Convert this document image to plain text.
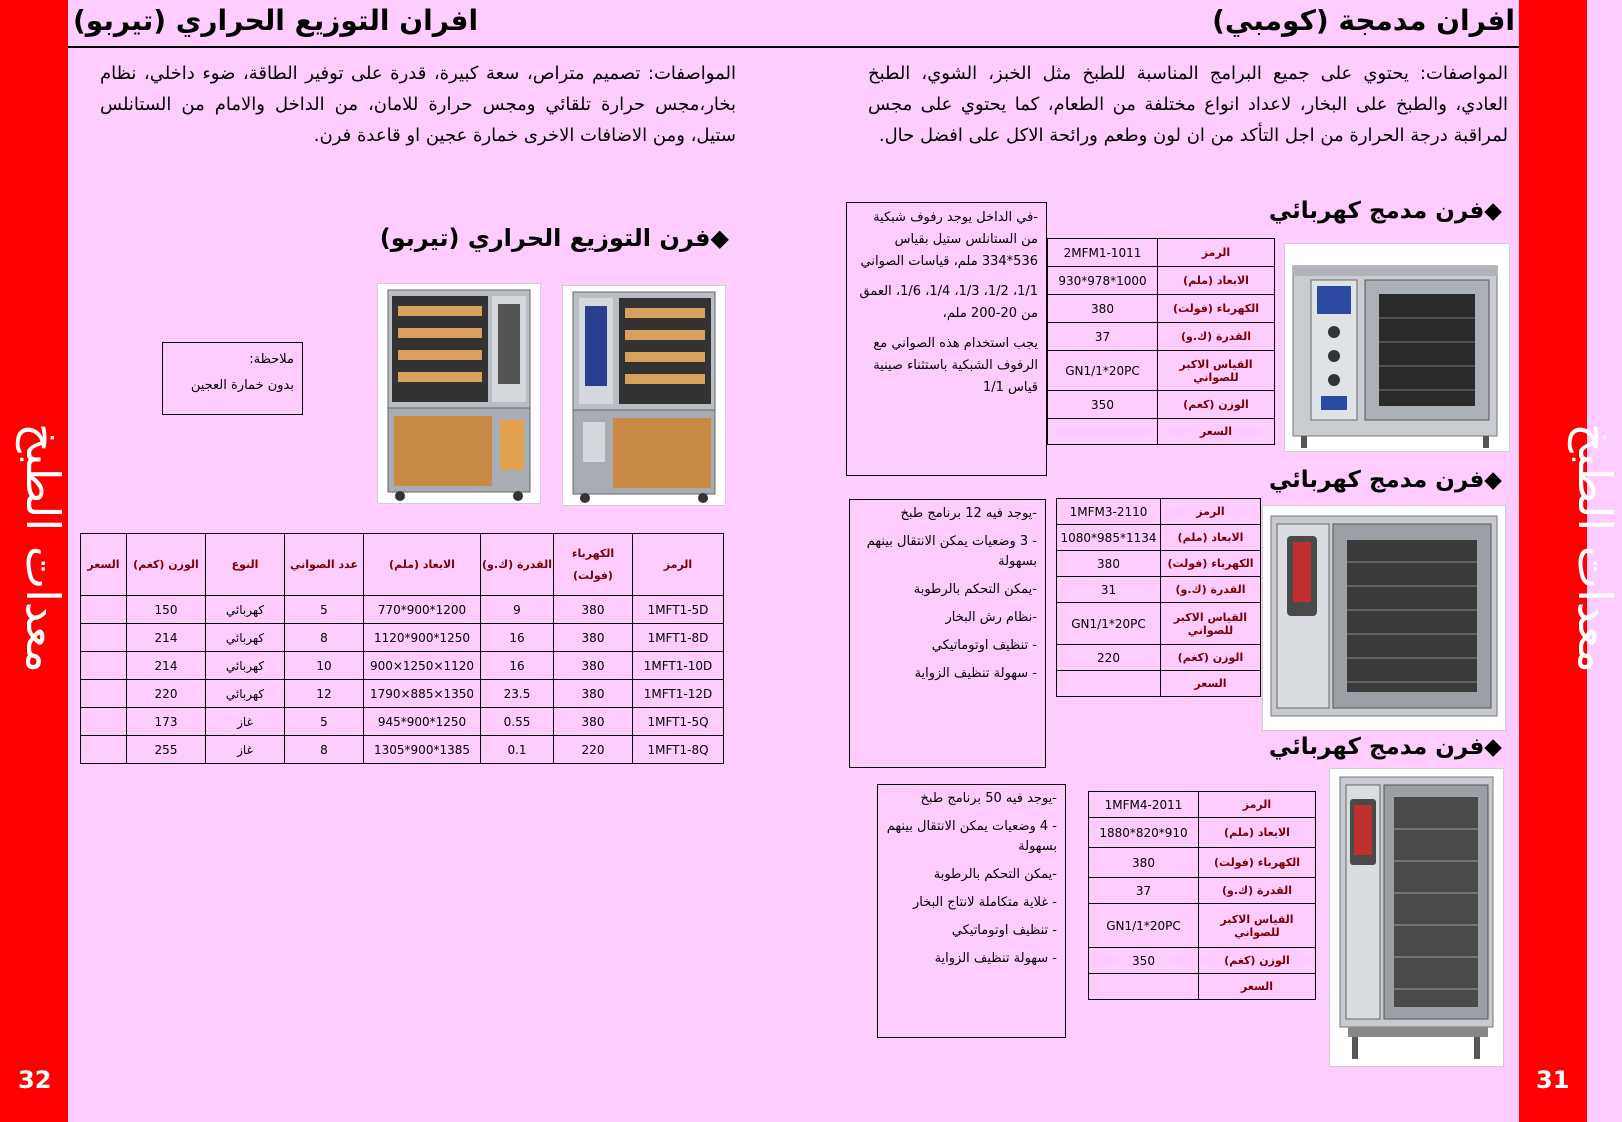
معدات الطبخ	معدات الطبخ
32	31
افران مدمجة (كومبي)
افران التوزيع الحراري (تيربو)
المواصفات: يحتوي على جميع البرامج المناسبة للطبخ مثل الخبز، الشوي، الطبخ العادي، والطبخ على البخار، لاعداد انواع مختلفة من الطعام، كما يحتوي على مجس لمراقبة درجة الحرارة من اجل التأكد من ان لون وطعم ورائحة الاكل على افضل حال.
المواصفات: تصميم متراص، سعة كبيرة، قدرة على توفير الطاقة، ضوء داخلي، نظام بخار،مجس حرارة تلقائي ومجس حرارة للامان، من الداخل والامام من الستانلس ستيل، ومن الاضافات الاخرى خمارة عجين او قاعدة فرن.
◆فرن مدمج كهربائي
الرمز	2MFM1-1011
الابعاد (ملم)	1000*978*930
الكهرباء (فولت)	380
القدرة (ك.و)	37
القياس الاكبر للصواني	GN1/1*20PC
الوزن (كغم)	350
السعر	

-في الداخل يوجد رفوف شبكية من الستانلس ستيل بقياس 536*334 ملم، قياسات الصواني

1/1، 1/2، 1/3، 1/4، 1/6، العمق من 20-200 ملم،

يجب استخدام هذه الصواني مع الرفوف الشبكية باستثناء صينية قياس 1/1

◆فرن مدمج كهربائي
الرمز	1MFM3-2110
الابعاد (ملم)	1134*985*1080
الكهرباء (فولت)	380
القدرة (ك.و)	31
القياس الاكبر للصواني	GN1/1*20PC
الوزن (كغم)	220
السعر	

-يوجد فيه 12 برنامج طبخ

- 3 وضعيات يمكن الانتقال بينهم بسهولة

-يمكن التحكم بالرطوبة

-نظام رش البخار

- تنظيف اوتوماتيكي

- سهولة تنظيف الزواية

◆فرن مدمج كهربائي
الرمز	1MFM4-2011
الابعاد (ملم)	910*820*1880
الكهرباء (فولت)	380
القدرة (ك.و)	37
القياس الاكبر للصواني	GN1/1*20PC
الوزن (كغم)	350
السعر	

-يوجد فيه 50 برنامج طبخ

- 4 وضعيات يمكن الانتقال بينهم بسهولة

-يمكن التحكم بالرطوبة

- غلاية متكاملة لانتاج البخار

- تنظيف اوتوماتيكي

- سهولة تنظيف الزواية

◆فرن التوزيع الحراري (تيربو)
ملاحظة:
بدون خمارة العجين
الرمز	الكهرباء (فولت)	القدرة (ك.و)	الابعاد (ملم)	عدد الصواني	النوع	الوزن (كغم)	السعر
1MFT1-5D	380	9	1200*900*770	5	كهربائي	150	
1MFT1-8D	380	16	1250*900*1120	8	كهربائي	214	
1MFT1-10D	380	16	1120×1250×900	10	كهربائي	214	
1MFT1-12D	380	23.5	1350×885×1790	12	كهربائي	220	
1MFT1-5Q	380	0.55	1250*900*945	5	غاز	173	
1MFT1-8Q	220	0.1	1385*900*1305	8	غاز	255	
